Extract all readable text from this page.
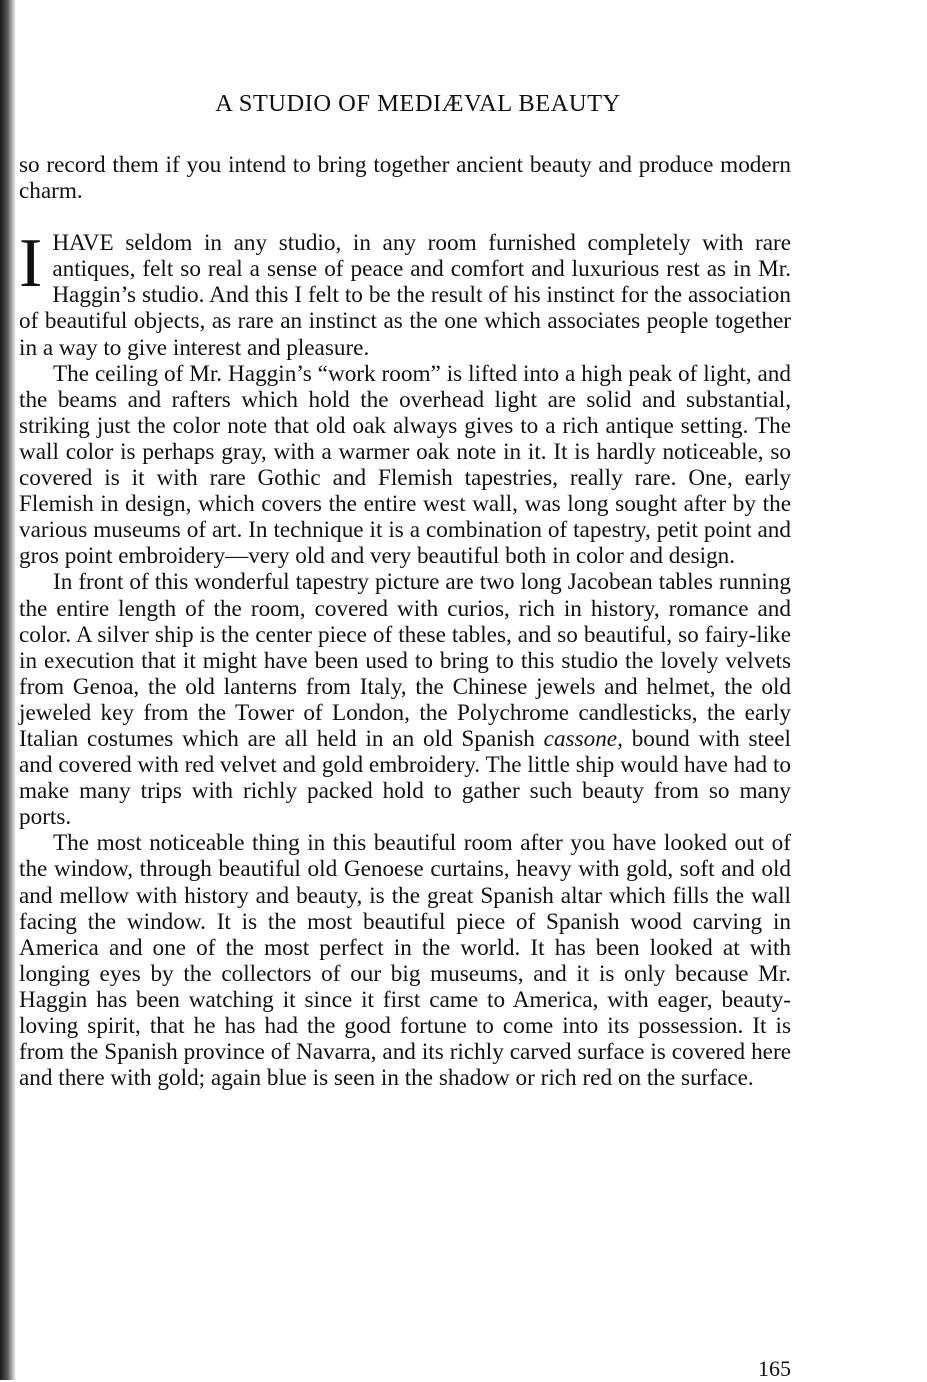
A STUDIO OF MEDIÆVAL BEAUTY

so record them if you intend to bring together ancient beauty and produce modern charm.

IHAVE seldom in any studio, in any room furnished completely with rare antiques, felt so real a sense of peace and comfort and luxurious rest as in Mr. Haggin’s studio. And this I felt to be the result of his instinct for the association of beautiful objects, as rare an instinct as the one which associates people together in a way to give interest and pleasure.

The ceiling of Mr. Haggin’s “work room” is lifted into a high peak of light, and the beams and rafters which hold the overhead light are solid and substantial, striking just the color note that old oak always gives to a rich antique setting. The wall color is perhaps gray, with a warmer oak note in it. It is hardly noticeable, so covered is it with rare Gothic and Flemish tapestries, really rare. One, early Flemish in design, which covers the entire west wall, was long sought after by the various museums of art. In technique it is a combination of tapestry, petit point and gros point embroidery—very old and very beautiful both in color and design.

In front of this wonderful tapestry picture are two long Jacobean tables running the entire length of the room, covered with curios, rich in history, romance and color. A silver ship is the center piece of these tables, and so beautiful, so fairy-like in execution that it might have been used to bring to this studio the lovely velvets from Genoa, the old lanterns from Italy, the Chinese jewels and helmet, the old jeweled key from the Tower of London, the Polychrome candlesticks, the early Italian costumes which are all held in an old Spanish cassone, bound with steel and covered with red velvet and gold embroidery. The little ship would have had to make many trips with richly packed hold to gather such beauty from so many ports.

The most noticeable thing in this beautiful room after you have looked out of the window, through beautiful old Genoese curtains, heavy with gold, soft and old and mellow with history and beauty, is the great Spanish altar which fills the wall facing the window. It is the most beautiful piece of Spanish wood carving in America and one of the most perfect in the world. It has been looked at with longing eyes by the collectors of our big museums, and it is only because Mr. Haggin has been watching it since it first came to America, with eager, beauty-loving spirit, that he has had the good fortune to come into its possession. It is from the Spanish province of Navarra, and its richly carved surface is covered here and there with gold; again blue is seen in the shadow or rich red on the surface.

165
